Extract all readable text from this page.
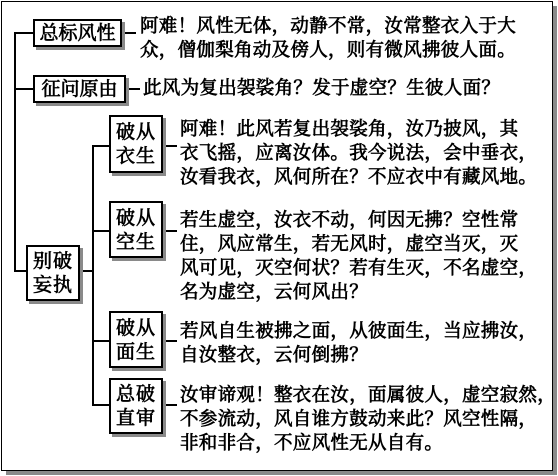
总标风性
征问原由
别破
妄执
破从
衣生
破从
空生
破从
面生
总破
直审
阿难！风性无体，动静不常，汝常整衣入于大
众，僧伽梨角动及傍人，则有微风拂彼人面。
此风为复出袈裟角？发于虚空？生彼人面？
阿难！此风若复出袈裟角，汝乃披风，其
衣飞摇，应离汝体。我今说法，会中垂衣，
汝看我衣，风何所在？不应衣中有藏风地。
若生虚空，汝衣不动，何因无拂？空性常
住，风应常生，若无风时，虚空当灭，灭
风可见，灭空何状？若有生灭，不名虚空，
名为虚空，云何风出？
若风自生被拂之面，从彼面生，当应拂汝，
自汝整衣，云何倒拂？
汝审谛观！整衣在汝，面属彼人，虚空寂然，
不参流动，风自谁方鼓动来此？风空性隔，
非和非合，不应风性无从自有。
